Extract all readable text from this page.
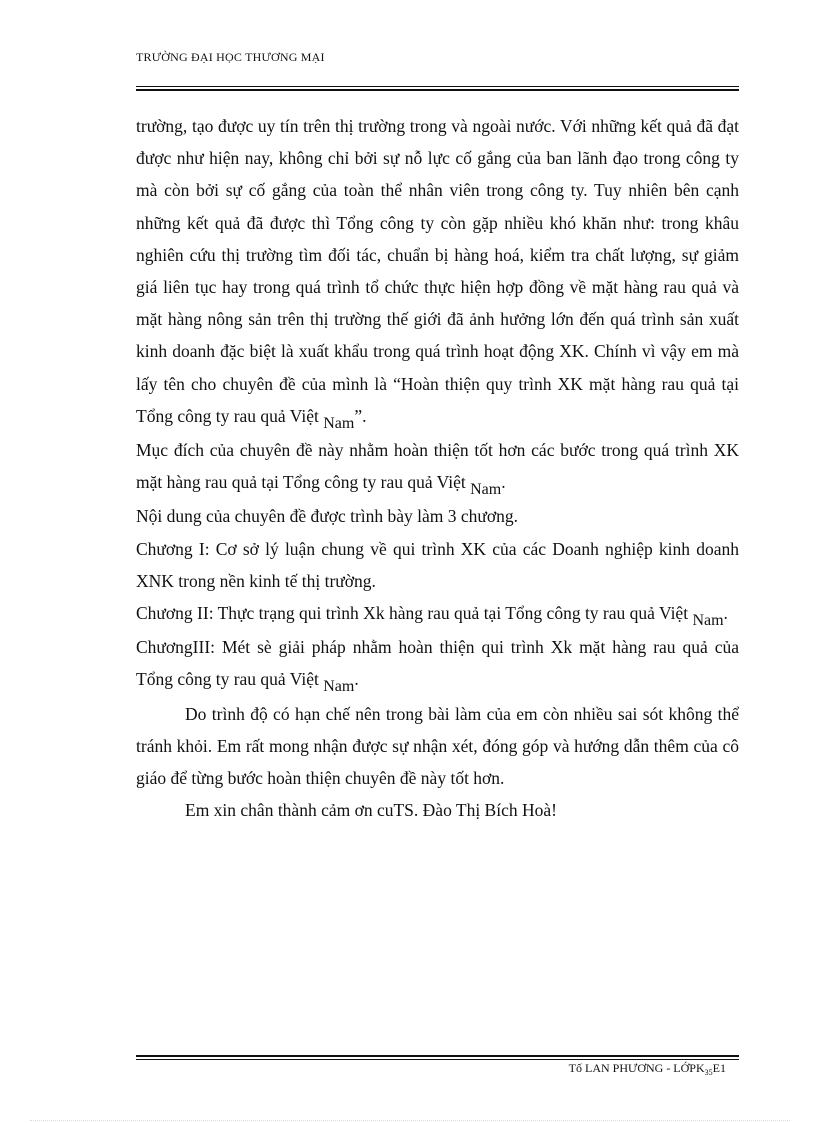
TRƯỜNG ĐẠI HỌC THƯƠNG MẠI

trường, tạo được uy tín trên thị trường trong và ngoài nước. Với những kết quả đã đạt được như hiện nay, không chỉ bởi sự nỗ lực cố gắng của ban lãnh đạo trong công ty mà còn bởi sự cố gắng của toàn thể nhân viên trong công ty. Tuy nhiên bên cạnh những kết quả đã được thì Tổng công ty còn gặp nhiều khó khăn như: trong khâu nghiên cứu thị trường tìm đối tác, chuẩn bị hàng hoá, kiểm tra chất lượng, sự giảm giá liên tục hay trong quá trình tổ chức thực hiện hợp đồng về mặt hàng rau quả và mặt hàng nông sản trên thị trường thế giới đã ảnh hưởng lớn đến quá trình sản xuất kinh doanh đặc biệt là xuất khẩu trong quá trình hoạt động XK. Chính vì vậy em mà lấy tên cho chuyên đề của mình là “Hoàn thiện quy trình XK mặt hàng rau quả tại Tổng công ty rau quả Việt Nam”.

Mục đích của chuyên đề này nhằm hoàn thiện tốt hơn các bước trong quá trình XK mặt hàng rau quả tại Tổng công ty rau quả Việt Nam.

Nội dung của chuyên đề được trình bày làm 3 chương.

Chương I: Cơ sở lý luận chung về qui trình XK của các Doanh nghiệp kinh doanh XNK trong nền kinh tế thị trường.

Chương II: Thực trạng qui trình Xk hàng rau quả tại Tổng công ty rau quả Việt Nam.

ChươngIII: Mét sè giải pháp nhằm hoàn thiện qui trình Xk mặt hàng rau quả của Tổng công ty rau quả Việt Nam.

Do trình độ có hạn chế nên trong bài làm của em còn nhiều sai sót không thể tránh khỏi. Em rất mong nhận được sự nhận xét, đóng góp và hướng dẫn thêm của cô giáo để từng bước hoàn thiện chuyên đề này tốt hơn.

Em xin chân thành cảm ơn cuTS. Đào Thị Bích Hoà!

Tố LAN PHƯƠNG - LỚPK$_{35}$E1
